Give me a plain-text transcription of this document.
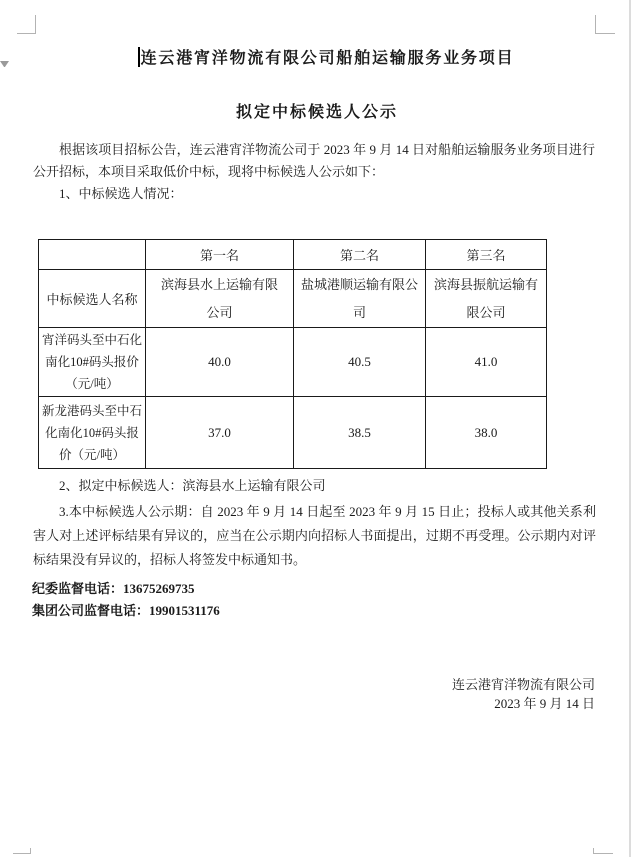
连云港宵洋物流有限公司船舶运输服务业务项目
拟定中标候选人公示

根据该项目招标公告，连云港宵洋物流公司于 2023 年 9 月 14 日对船舶运输服务业务项目进行公开招标，本项目采取低价中标，现将中标候选人公示如下：

1、中标候选人情况：

	第一名	第二名	第三名
中标候选人名称	滨海县水上运输有限公司	盐城港顺运输有限公司	滨海县振航运输有限公司
宵洋码头至中石化南化10#码头报价（元/吨）	40.0	40.5	41.0
新龙港码头至中石化南化10#码头报价（元/吨）	37.0	38.5	38.0

2、拟定中标候选人：滨海县水上运输有限公司

3.本中标候选人公示期：自 2023 年 9 月 14 日起至 2023 年 9 月 15 日止；投标人或其他关系利害人对上述评标结果有异议的，应当在公示期内向招标人书面提出，过期不再受理。公示期内对评标结果没有异议的，招标人将签发中标通知书。

纪委监督电话：13675269735
集团公司监督电话：19901531176
连云港宵洋物流有限公司
2023 年 9 月 14 日
